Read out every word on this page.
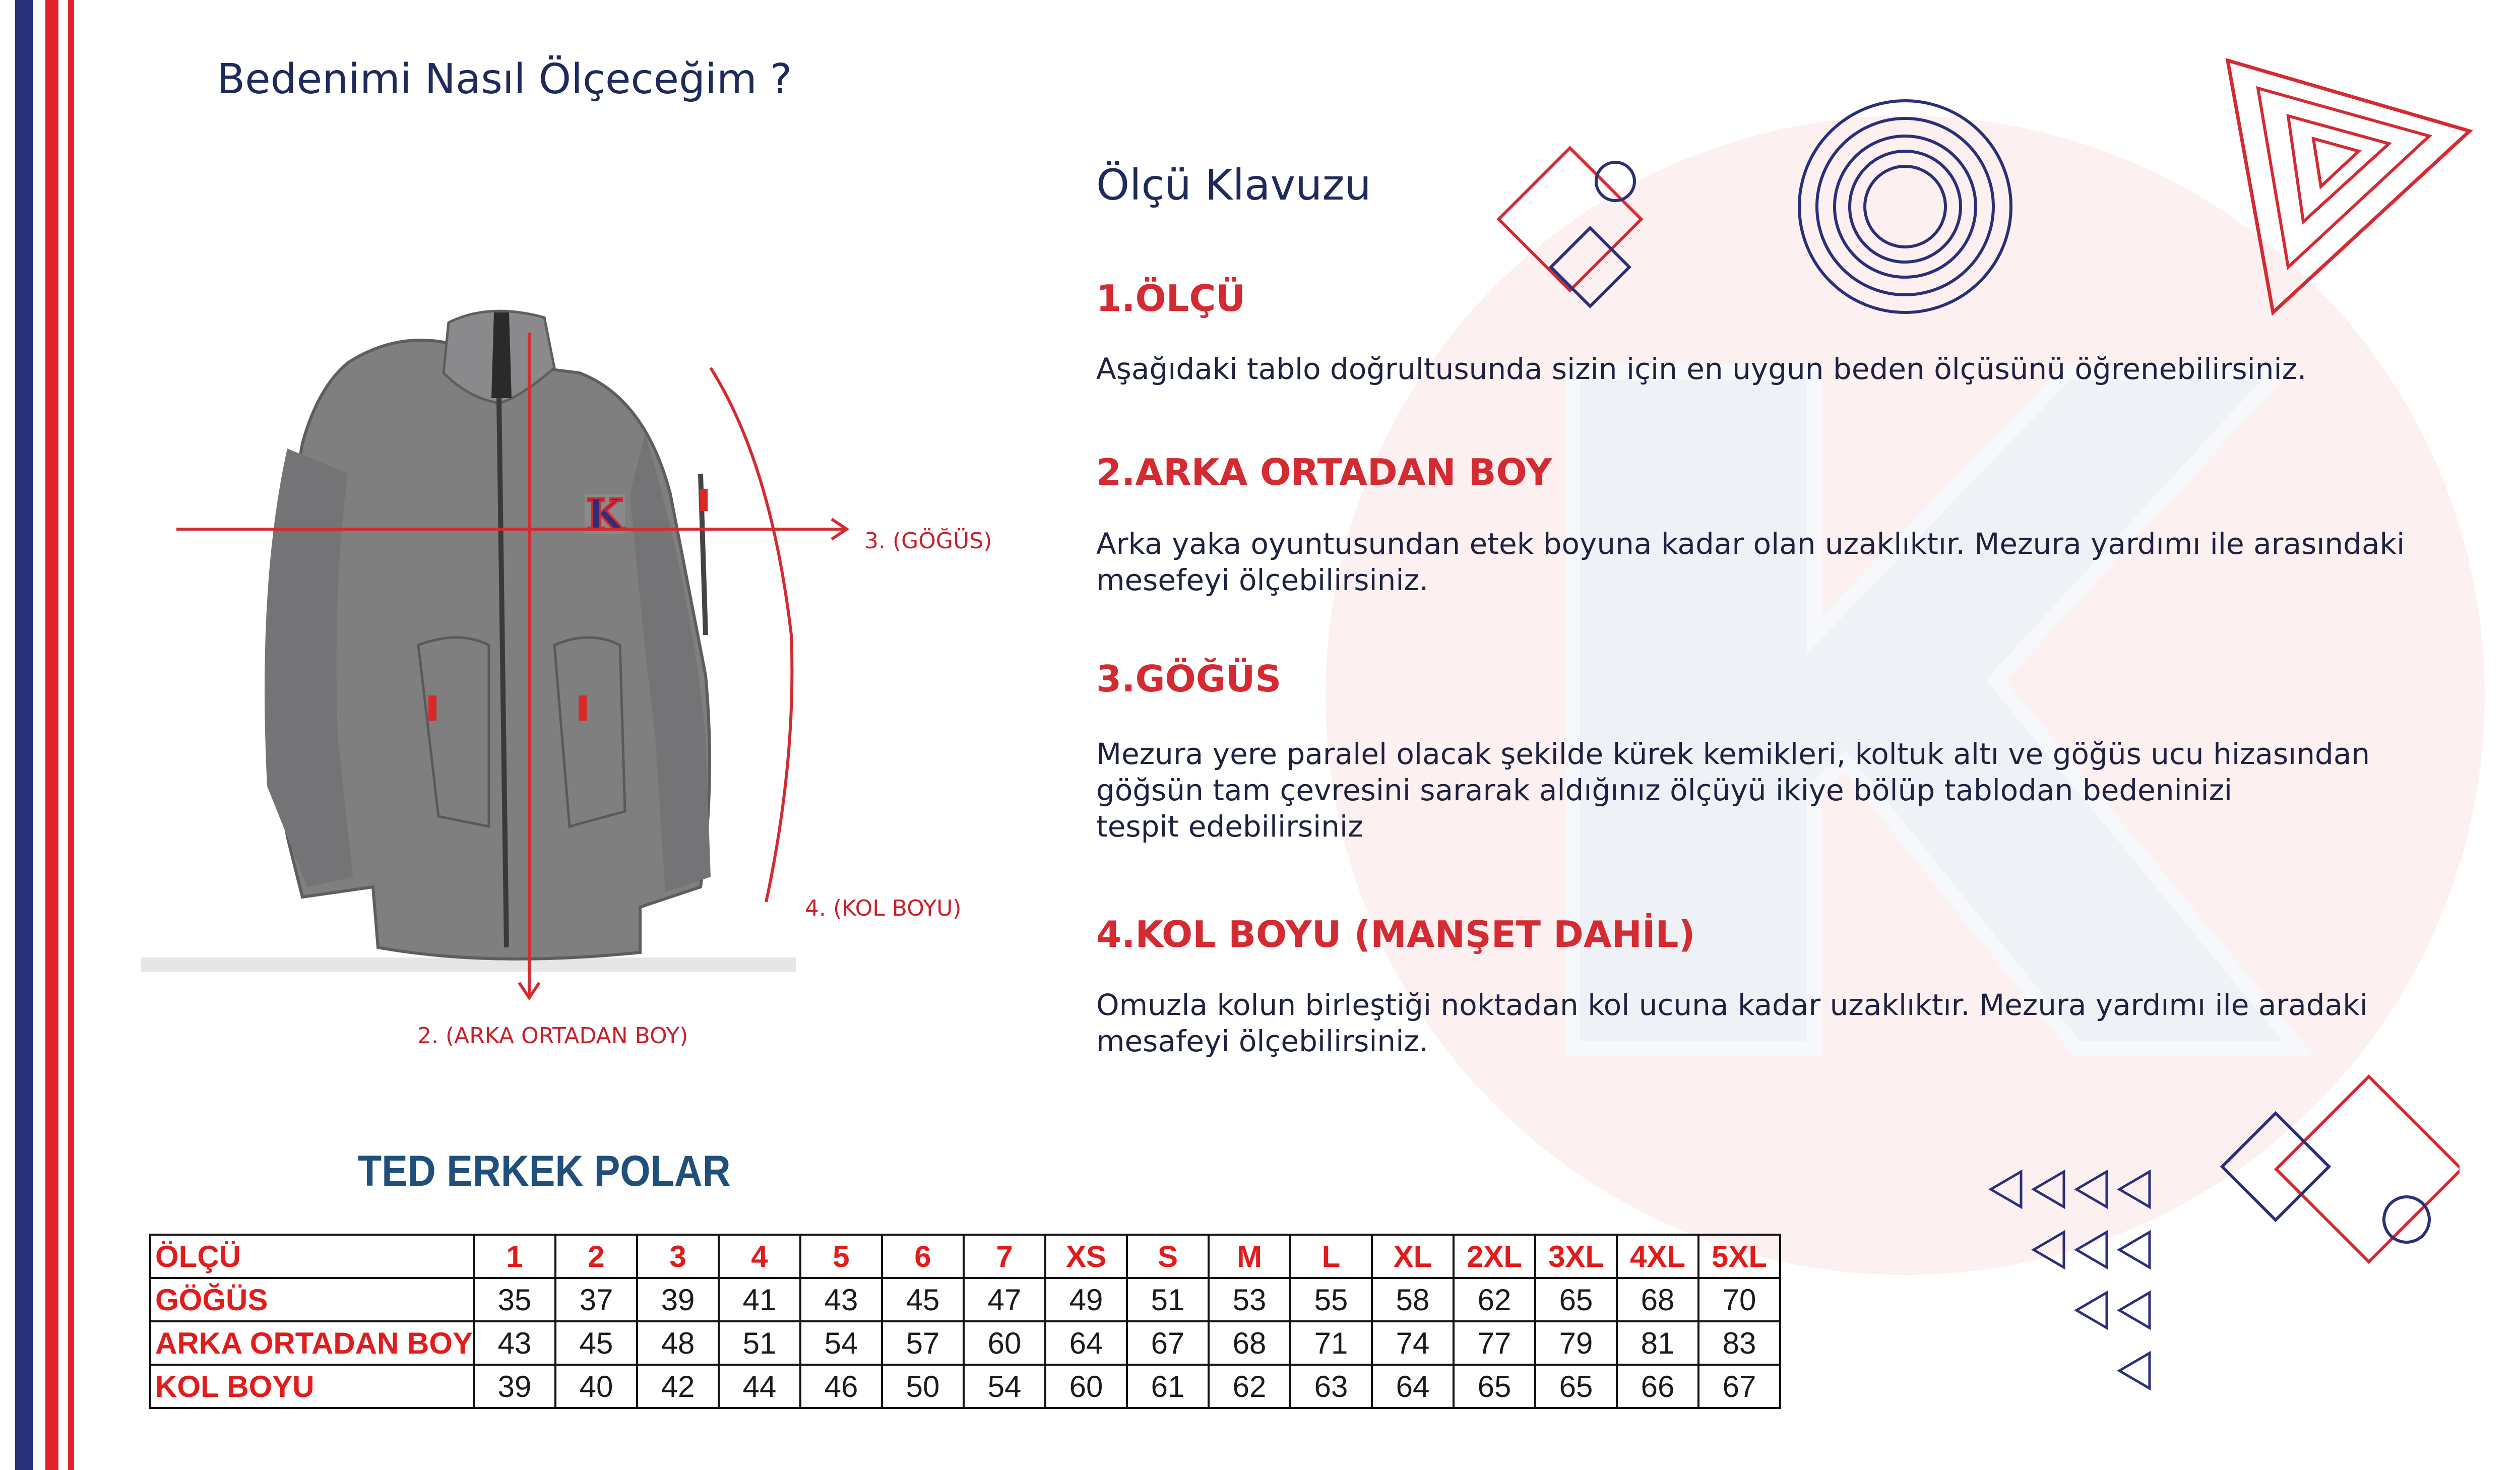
Bedenimi Nasıl Ölçeceğim ?
K
3. (GÖĞÜS)
4. (KOL BOYU)
2. (ARKA ORTADAN BOY)
Ölçü Klavuzu
1.ÖLÇÜ
Aşağıdaki tablo doğrultusunda sizin için en uygun beden ölçüsünü öğrenebilirsiniz.
2.ARKA ORTADAN BOY
Arka yaka oyuntusundan etek boyuna kadar olan uzaklıktır. Mezura yardımı ile arasındaki
mesefeyi ölçebilirsiniz.
3.GÖĞÜS
Mezura yere paralel olacak şekilde kürek kemikleri, koltuk altı ve göğüs ucu hizasından
göğsün tam çevresini sararak aldığınız ölçüyü ikiye bölüp tablodan bedeninizi
tespit edebilirsiniz
4.KOL BOYU (MANŞET DAHİL)
Omuzla kolun birleştiği noktadan kol ucuna kadar uzaklıktır. Mezura yardımı ile aradaki
mesafeyi ölçebilirsiniz.
TED ERKEK POLAR
ÖLÇÜ	1	2	3	4	5	6	7	XS	S	M	L	XL	2XL	3XL	4XL	5XL
GÖĞÜS	35	37	39	41	43	45	47	49	51	53	55	58	62	65	68	70
ARKA ORTADAN BOY	43	45	48	51	54	57	60	64	67	68	71	74	77	79	81	83
KOL BOYU	39	40	42	44	46	50	54	60	61	62	63	64	65	65	66	67
